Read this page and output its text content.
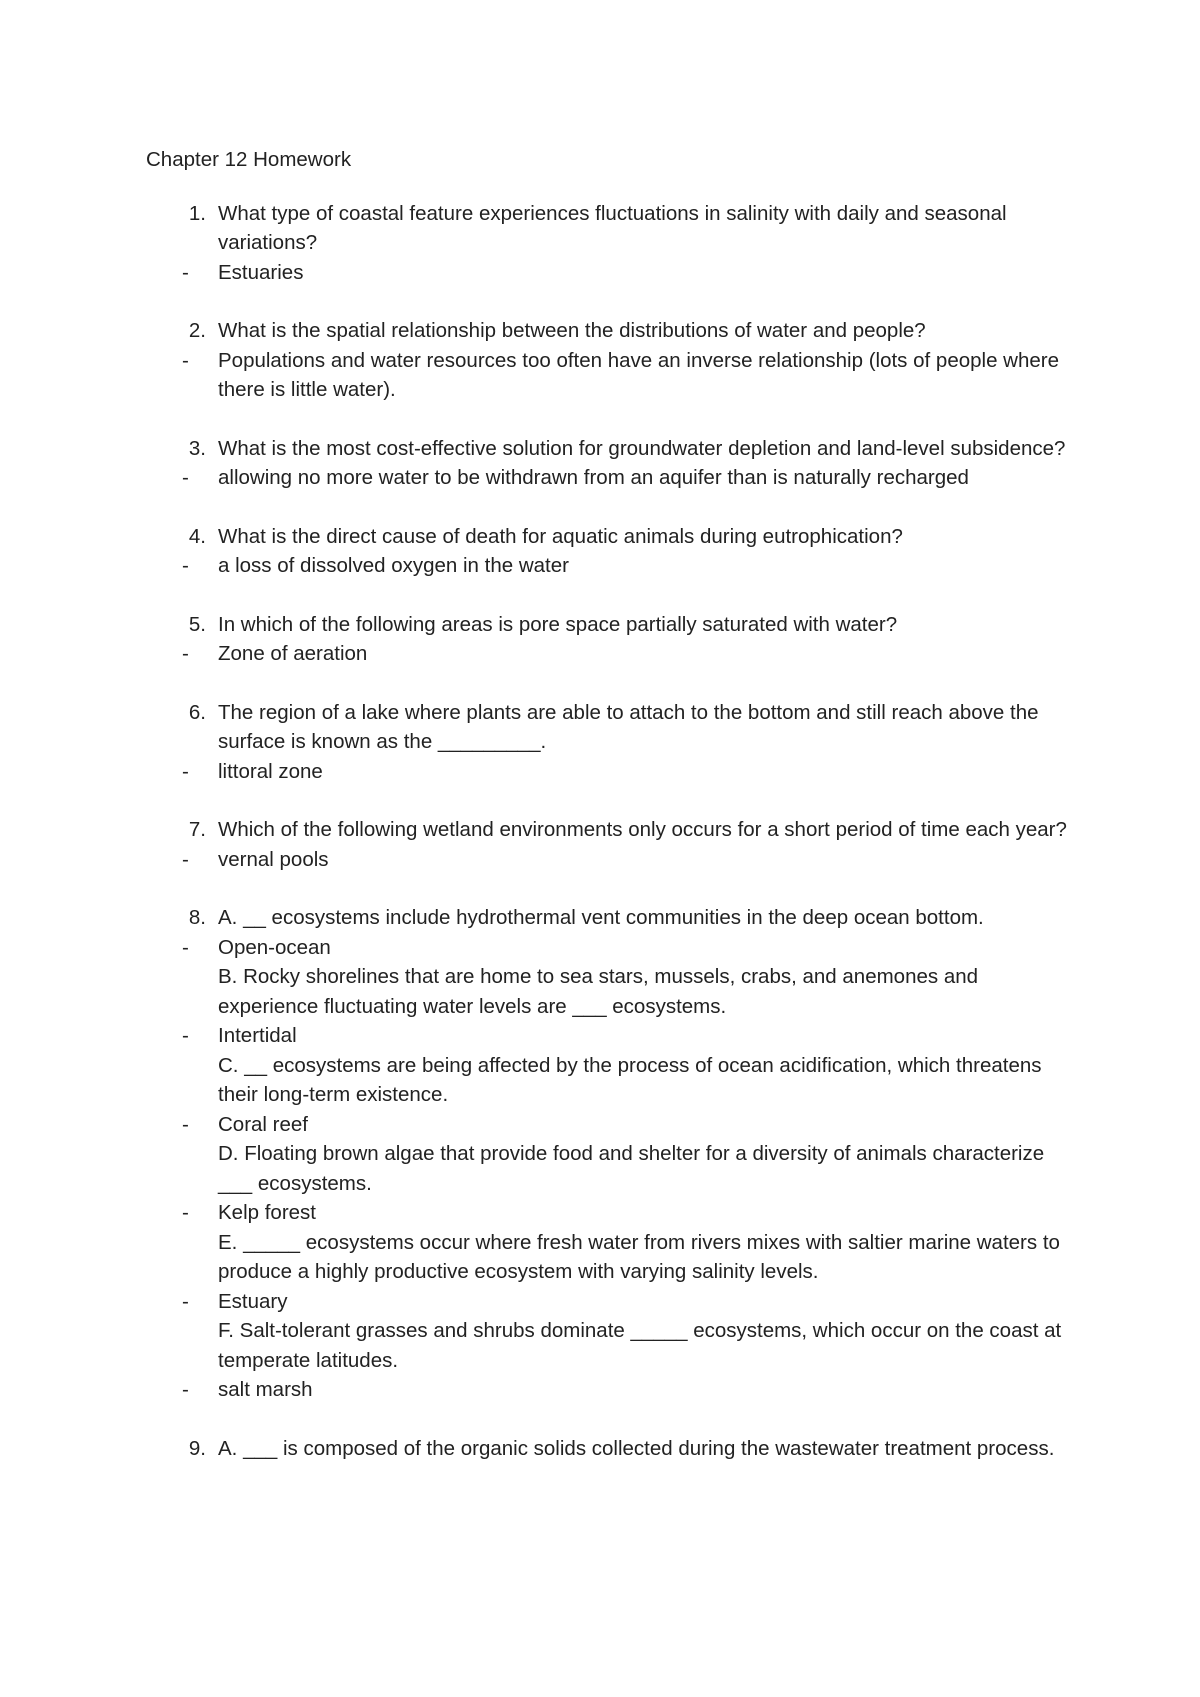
Chapter 12 Homework
1. What type of coastal feature experiences fluctuations in salinity with daily and seasonal variations?
-	Estuaries
2. What is the spatial relationship between the distributions of water and people?
-	Populations and water resources too often have an inverse relationship (lots of people where there is little water).
3. What is the most cost-effective solution for groundwater depletion and land-level subsidence?
-	allowing no more water to be withdrawn from an aquifer than is naturally recharged
4. What is the direct cause of death for aquatic animals during eutrophication?
-	a loss of dissolved oxygen in the water
5. In which of the following areas is pore space partially saturated with water?
-	Zone of aeration
6. The region of a lake where plants are able to attach to the bottom and still reach above the surface is known as the _________.
-	littoral zone
7. Which of the following wetland environments only occurs for a short period of time each year?
-	vernal pools
8. A. __ ecosystems include hydrothermal vent communities in the deep ocean bottom.
-	Open-ocean
B. Rocky shorelines that are home to sea stars, mussels, crabs, and anemones and experience fluctuating water levels are ___ ecosystems.
-	Intertidal
C. __ ecosystems are being affected by the process of ocean acidification, which threatens their long-term existence.
-	Coral reef
D. Floating brown algae that provide food and shelter for a diversity of animals characterize ___ ecosystems.
-	Kelp forest
E. _____ ecosystems occur where fresh water from rivers mixes with saltier marine waters to produce a highly productive ecosystem with varying salinity levels.
-	Estuary
F. Salt-tolerant grasses and shrubs dominate _____ ecosystems, which occur on the coast at temperate latitudes.
-	salt marsh
9. A. ___ is composed of the organic solids collected during the wastewater treatment process.
